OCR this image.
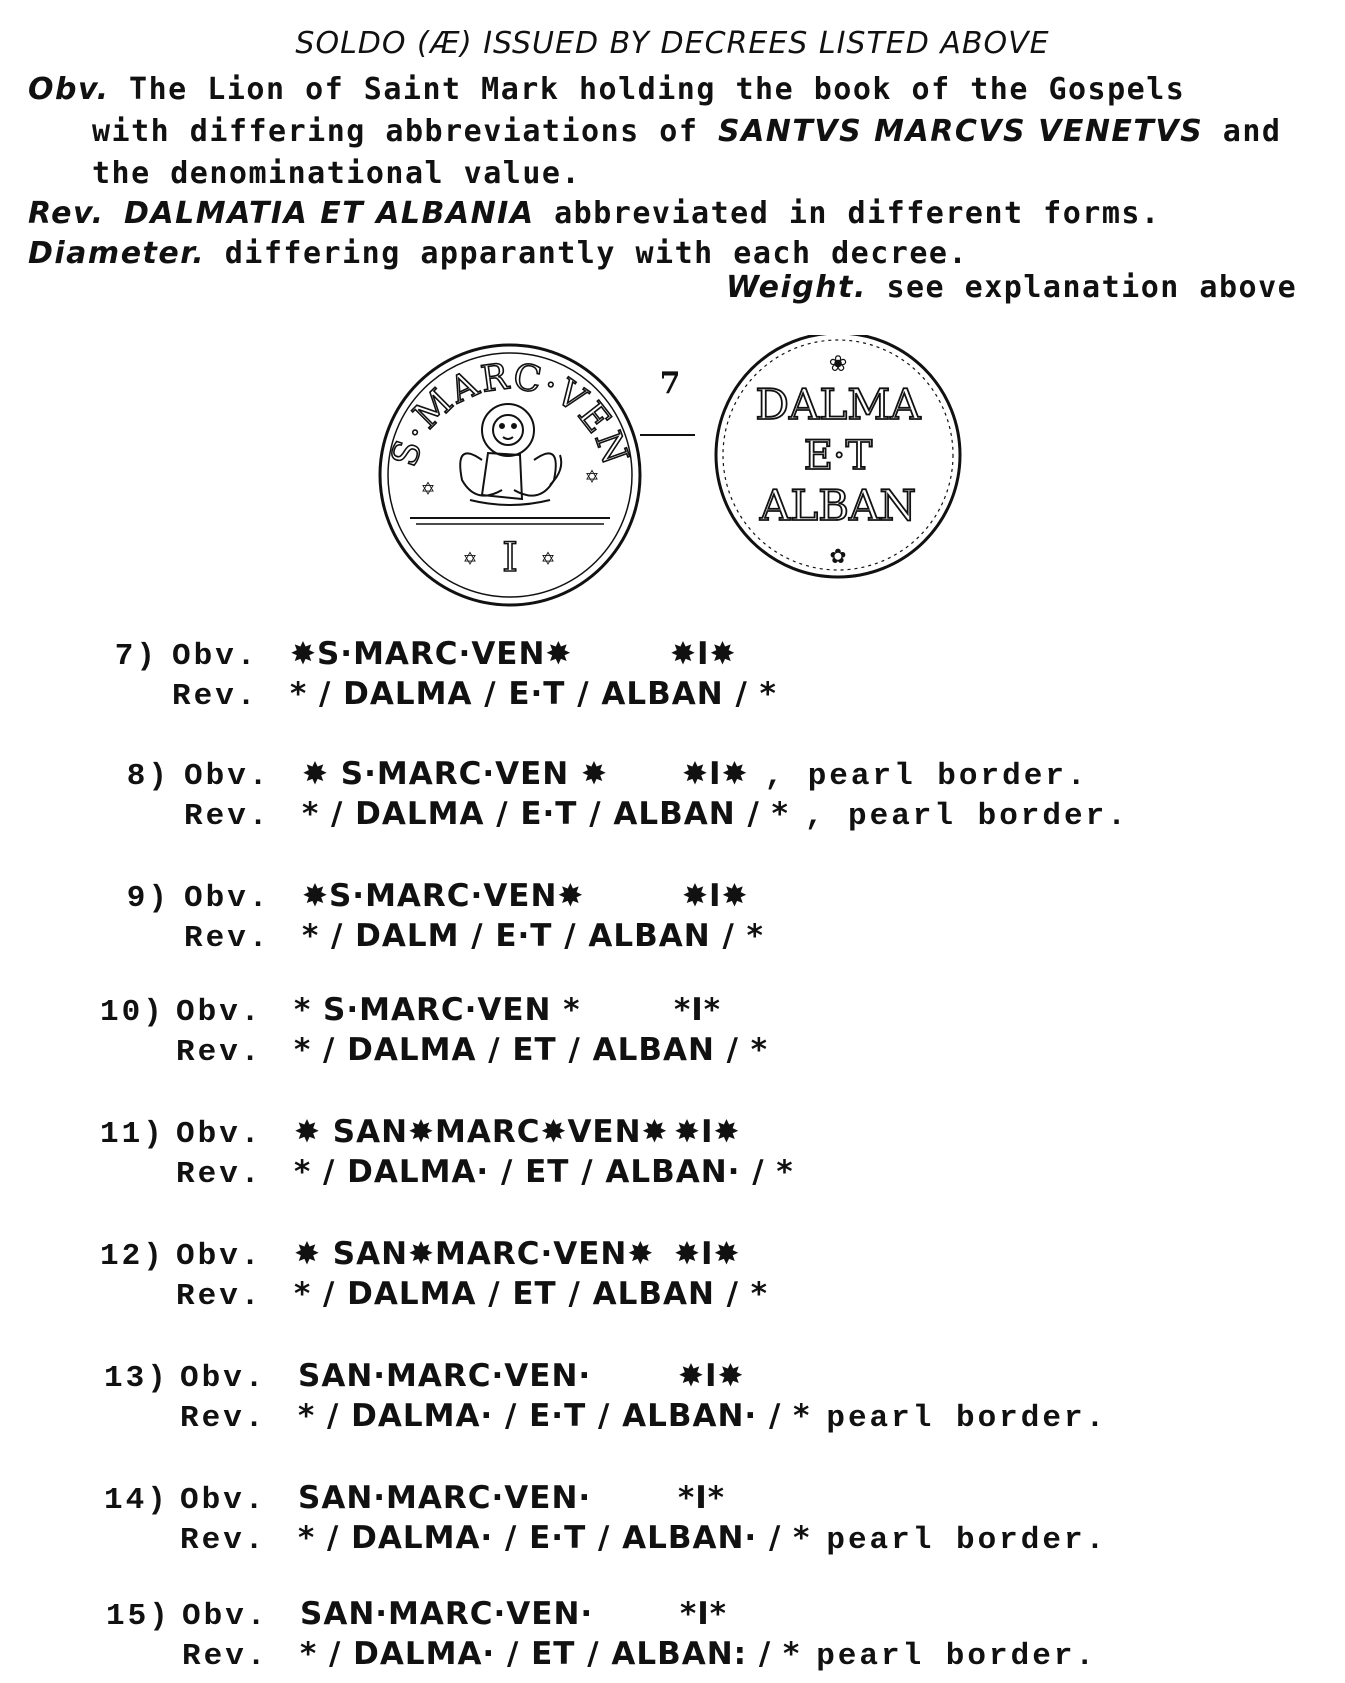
SOLDO (Æ) ISSUED BY DECREES LISTED ABOVE
Obv. The Lion of Saint Mark holding the book of the Gospels
with differing abbreviations of SANTVS MARCVS VENETVS and
the denominational value.
Rev. DALMATIA ET ALBANIA abbreviated in different forms.
Diameter. differing apparantly with each decree.
Weight. see explanation above
S·MARC·VEN
✡	✡
✡	✡
I
7
❀
DALMA
E·T
ALBAN
✿
7) Obv.	✸S·MARC·VEN✸	✸I✸
Rev.	* / DALMA / E·T / ALBAN / *
8) Obv.	✸ S·MARC·VEN ✸	✸I✸ , pearl border.
Rev.	* / DALMA / E·T / ALBAN / * , pearl border.
9) Obv.	✸S·MARC·VEN✸	✸I✸
Rev.	* / DALM / E·T / ALBAN / *
10) Obv.	* S·MARC·VEN *	*I*
Rev.	* / DALMA / ET / ALBAN / *
11) Obv.	✸ SAN✸MARC✸VEN✸ ✸I✸
Rev.	* / DALMA· / ET / ALBAN· / *
12) Obv.	✸ SAN✸MARC·VEN✸ ✸I✸
Rev.	* / DALMA / ET / ALBAN / *
13) Obv.	SAN·MARC·VEN·	✸I✸
Rev.	* / DALMA· / E·T / ALBAN· / * pearl border.
14) Obv.	SAN·MARC·VEN·	*I*
Rev.	* / DALMA· / E·T / ALBAN· / * pearl border.
15) Obv.	SAN·MARC·VEN·	*I*
Rev.	* / DALMA· / ET / ALBAN: / * pearl border.
